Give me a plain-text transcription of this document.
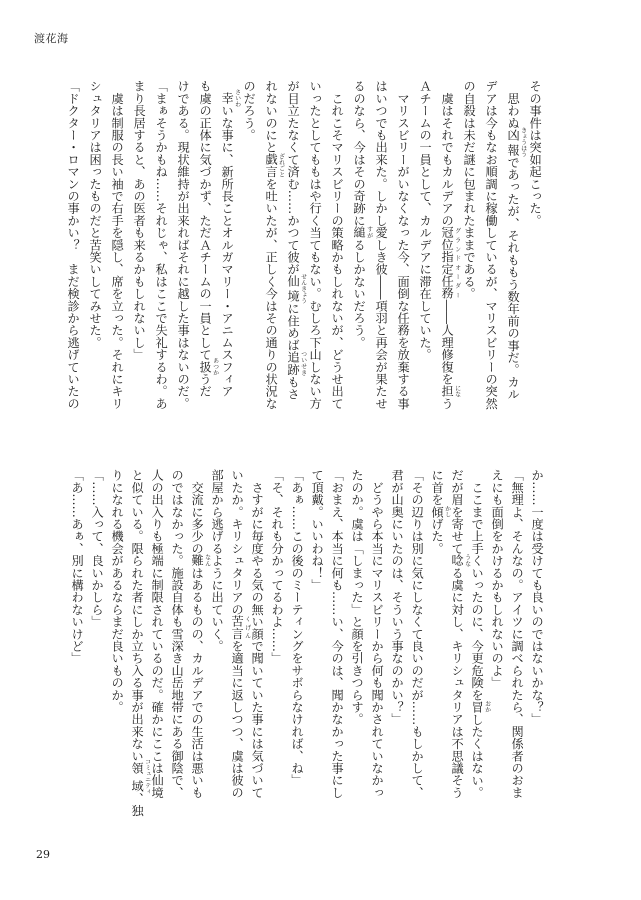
渡花海
その事件は突如起こった。
　思わぬ凶報 きょうほうであったが、それももう数年前の事だ。カル
デアは今もなお順調に稼働しているが、マリスビリーの突然
の自殺は未だ謎に包まれたままである。
　虞はそれでもカルデアの冠位指定任務 グランドオーダー――人理修復を担 になう
Ａチームの一員として、カルデアに滞在していた。
　マリスビリーがいなくなった今、面倒な任務を放棄する事
はいつでも出来た。しかし愛しき彼――項羽と再会が果たせ
るのなら、今はその奇跡に縋 すがるしかないだろう。
　これこそマリスビリーの策略かもしれないが、どうせ出て
いったとしてももはや行く当てもない。むしろ下山しない方
が目立たなくて済む……かつて彼が仙境 せんきょうに住めば追跡 ついせきもさ
れないのにと戯言 ざれごとを吐いたが、正しく今はその通りの状況な
のだろう。
　幸 さいわいな事に、新所長ことオルガマリー・アニムスフィア
も虞の正体に気づかず、ただＡチームの一員として扱 あつかうだ
けである。現状維持が出来ればそれに越した事はないのだ。
「まぁそうかもね……それじゃ、私はここで失礼するわ。あ
まり長居すると、あの医者も来るかもしれないし」
　虞は制服の長い袖で右手を隠し、席を立った。それにキリ
シュタリアは困ったものだと苦笑いしてみせた。
「ドクター・ロマンの事かい？　まだ検診から逃げていたの
か……一度は受けても良いのではないかな？」
「無理よ、そんなの。アイツに調べられたら、関係者のおま
えにも面倒をかけるかもしれないのよ」
　ここまで上手くいったのに、今更危険を冒 おかしたくはない。
だが眉を寄せて唸 うなる虞に対し、キリシュタリアは不思議そう
に首を傾 かしげた。
「その辺りは別に気にしなくて良いのだが……もしかして、
君が山奥にいたのは、そういう事なのかい？」
　どうやら本当にマリスビリーから何も聞かされていなかっ
たのか。虞は「しまった」と顔を引きつらす。
「おまえ、本当に何も……い、今のは、聞かなかった事にし
て頂戴。いいわね！」
「あぁ……この後のミーティングをサボらなければ、ね」
「そ、それも分かってるわよ……」
　さすがに毎度やる気の無い顔で聞いていた事には気づいて
いたか。キリシュタリアの苦言 くげんを適当に返しつつ、虞は彼の
部屋から逃げるように出ていく。
　交流に多少の難 なんはあるものの、カルデアでの生活は悪いも
のではなかった。施設自体も雪深き山岳地帯にある御陰で、
人の出入りも極端に制限されているのだ。確かにここは仙境
と似ている。限られた者にしか立ち入る事が出来ない領域 コミュニティ、独
りになれる機会があるならまだ良いものか。
「……入って、良いかしら」
「あ……あぁ、別に構わないけど」
29
